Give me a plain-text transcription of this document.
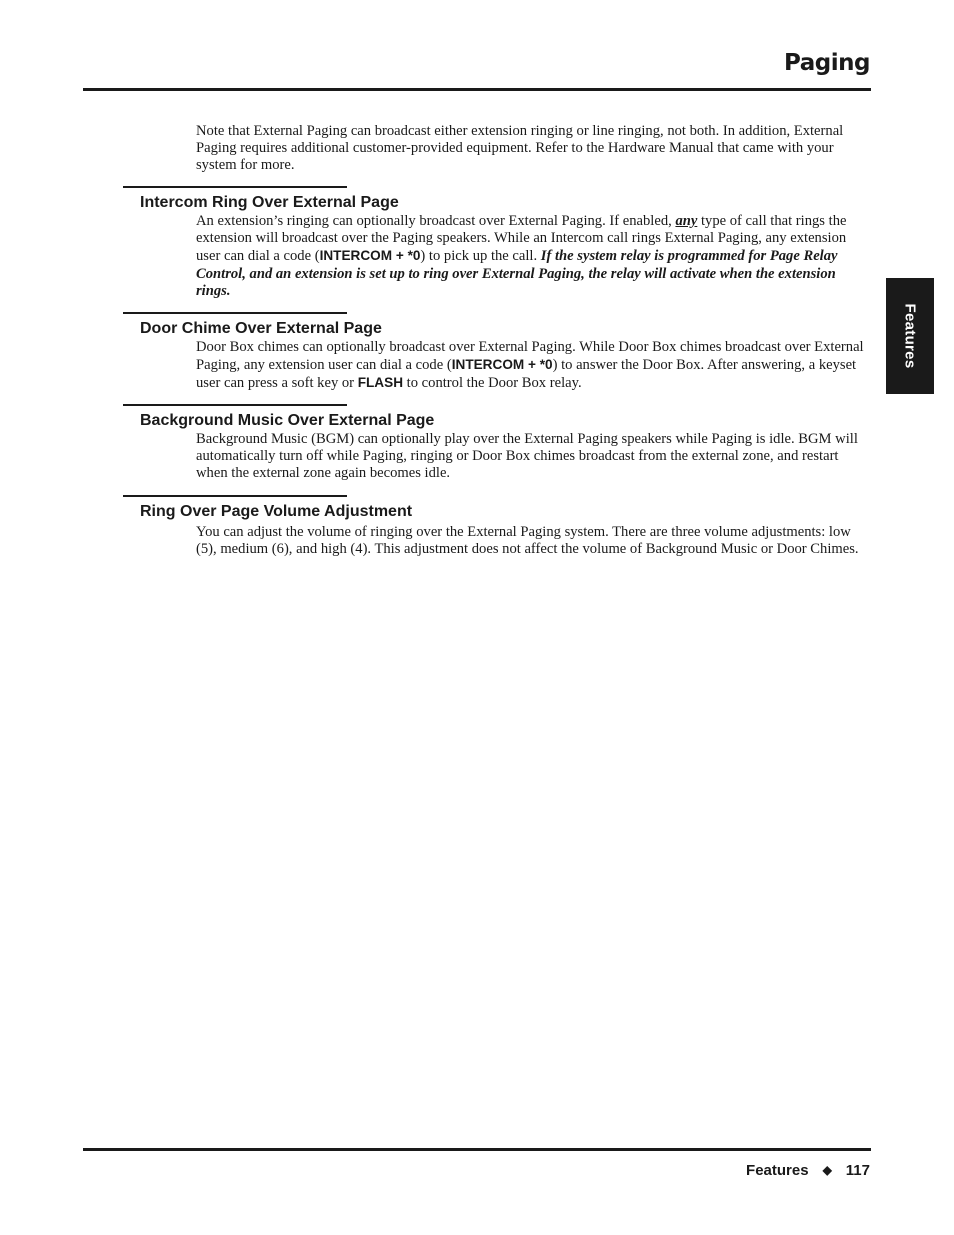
Paging
Features

Note that External Paging can broadcast either extension ringing or line ringing, not both. In addition, External Paging requires additional customer-provided equipment. Refer to the Hardware Manual that came with your system for more.

Intercom Ring Over External Page

An extension’s ringing can optionally broadcast over External Paging. If enabled, any type of call that rings the extension will broadcast over the Paging speakers. While an Intercom call rings External Paging, any extension user can dial a code (INTERCOM + *0) to pick up the call. If the system relay is programmed for Page Relay Control, and an extension is set up to ring over External Paging, the relay will activate when the extension rings.

Door Chime Over External Page

Door Box chimes can optionally broadcast over External Paging. While Door Box chimes broadcast over External Paging, any extension user can dial a code (INTERCOM + *0) to answer the Door Box. After answering, a keyset user can press a soft key or FLASH to control the Door Box relay.

Background Music Over External Page

Background Music (BGM) can optionally play over the External Paging speakers while Paging is idle. BGM will automatically turn off while Paging, ringing or Door Box chimes broadcast from the external zone, and restart when the external zone again becomes idle.

Ring Over Page Volume Adjustment

You can adjust the volume of ringing over the External Paging system. There are three volume adjustments: low (5), medium (6), and high (4). This adjustment does not affect the volume of Background Music or Door Chimes.

Features ◆ 117
